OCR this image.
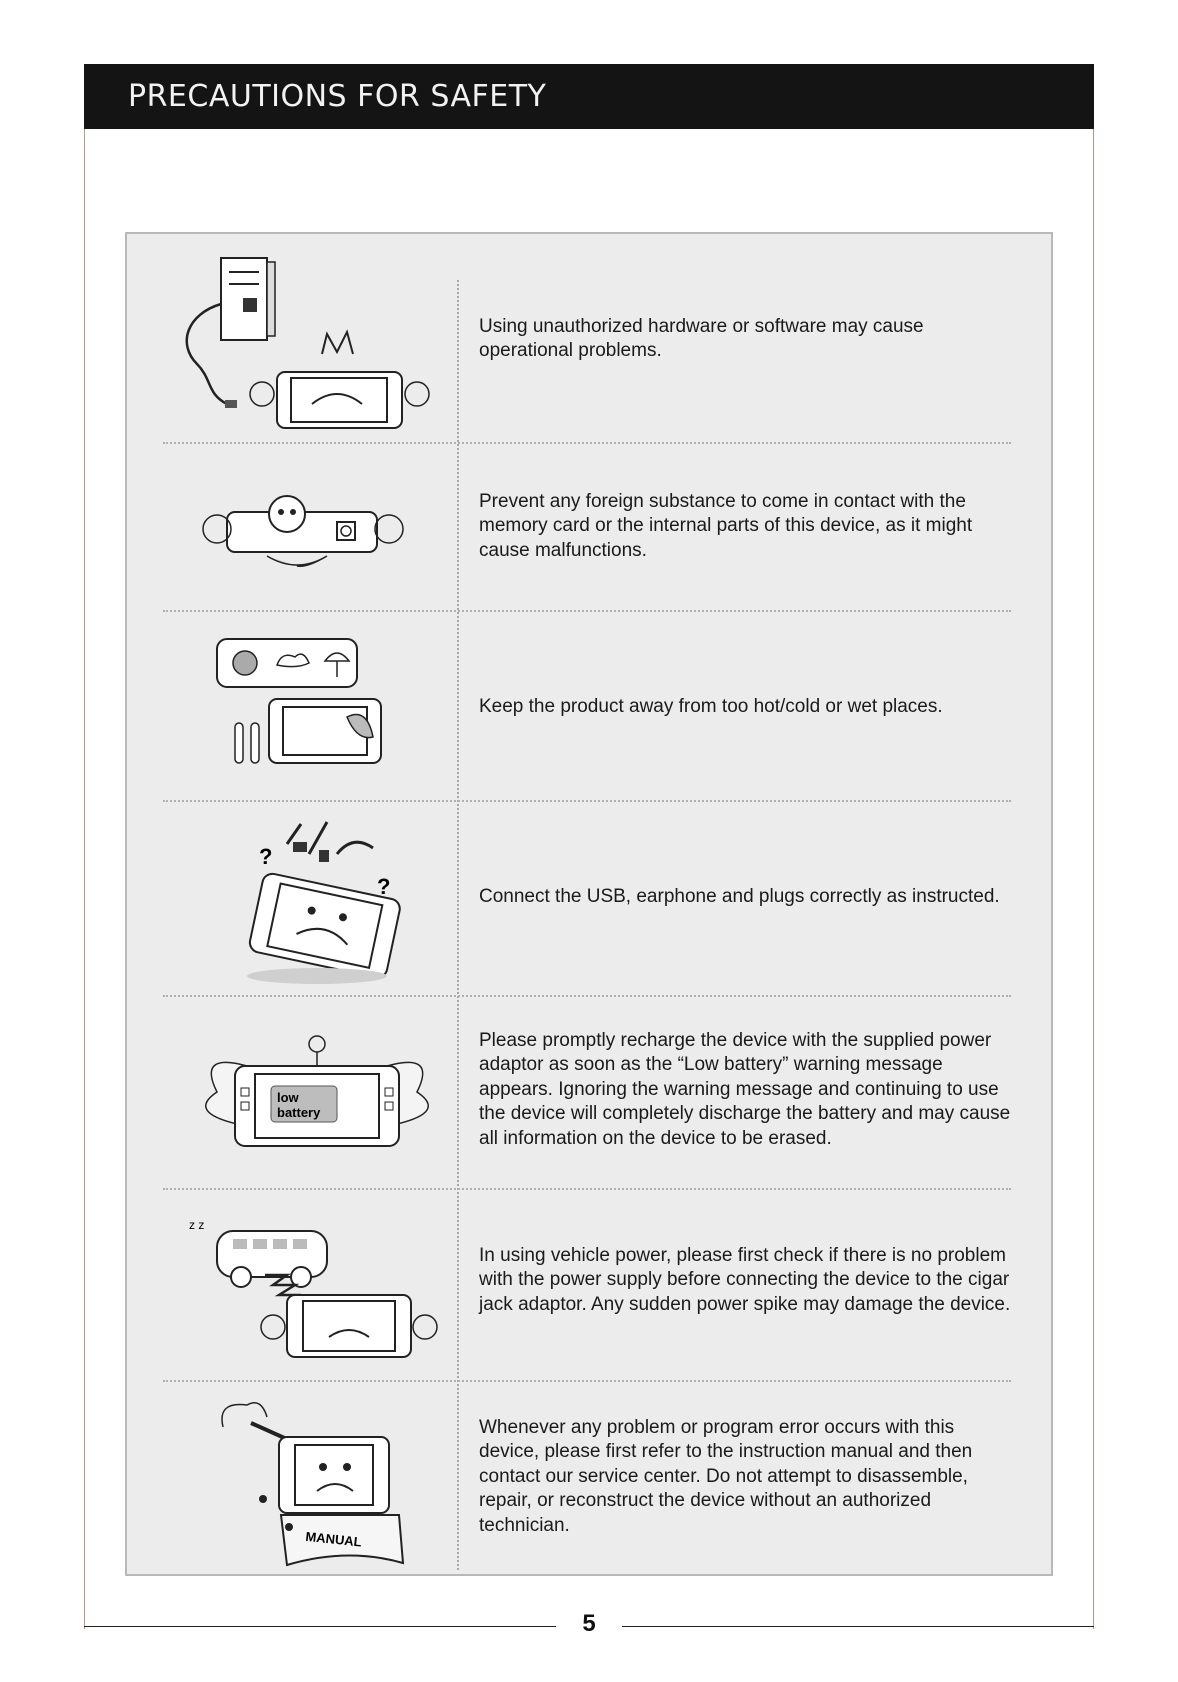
PRECAUTIONS FOR SAFETY

Using unauthorized hardware or software may cause operational problems.

Prevent any foreign substance to come in contact with the memory card or the internal parts of this device, as it might cause malfunctions.

Keep the product away from too hot/cold or wet places.

?
?	Connect the USB, earphone and plugs correctly as instructed.

low
battery

Please promptly recharge the device with the supplied power adaptor as soon as the “Low battery” warning message appears. Ignoring the warning message and continuing to use the device will completely discharge the battery and may cause all information on the device to be erased.

z z

In using vehicle power, please first check if there is no problem with the power supply before connecting the device to the cigar jack adaptor. Any sudden power spike may damage the device.

MANUAL

Whenever any problem or program error occurs with this device, please first refer to the instruction manual and then contact our service center. Do not attempt to disassemble, repair, or reconstruct the device without an authorized technician.

5
